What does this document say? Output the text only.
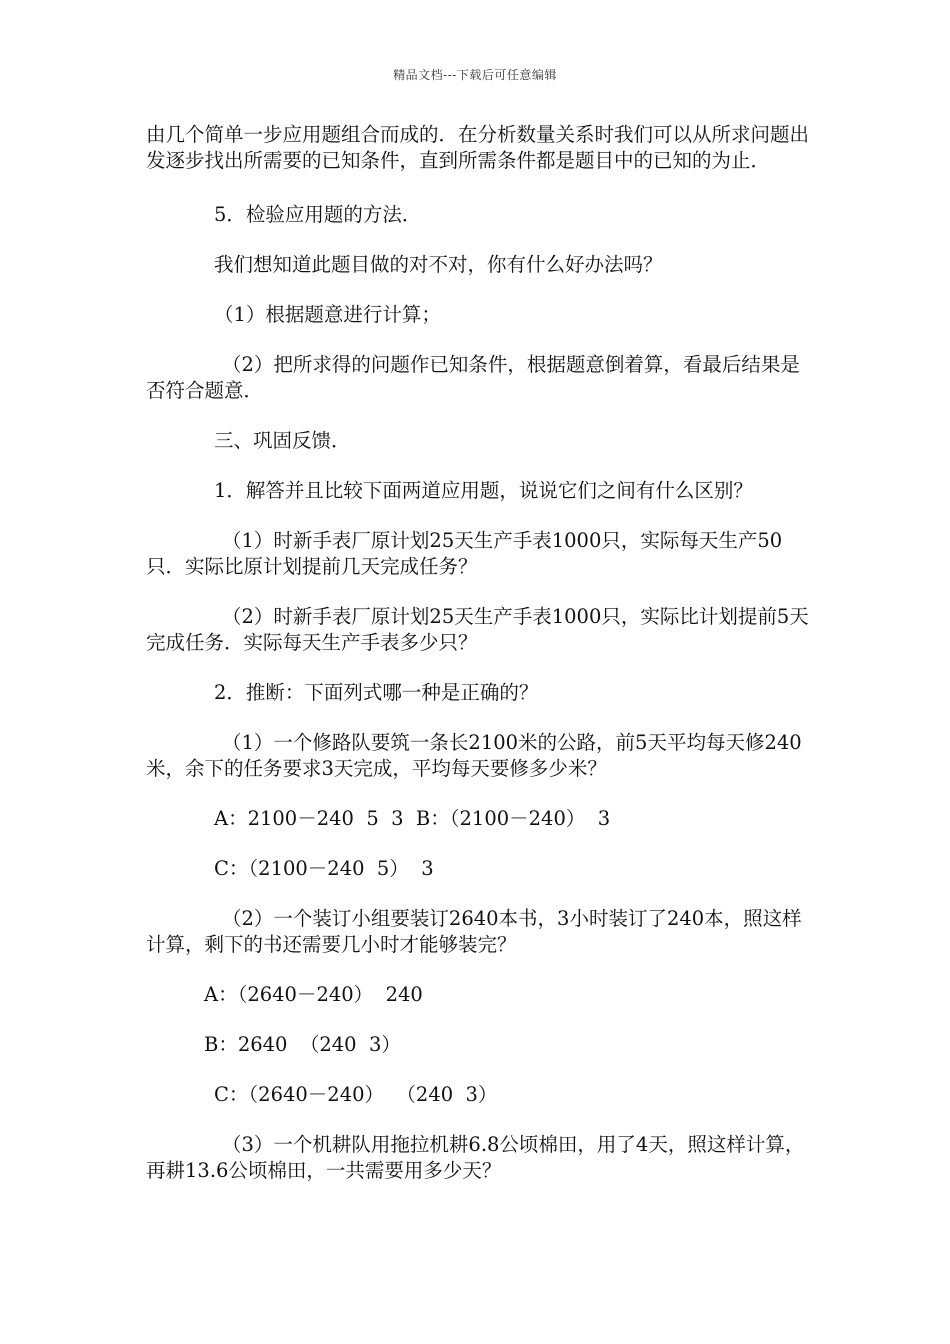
精品文档---下载后可任意编辑

由几个简单一步应用题组合而成的．在分析数量关系时我们可以从所求问题出发逐步找出所需要的已知条件，直到所需条件都是题目中的已知的为止．

5．检验应用题的方法．

我们想知道此题目做的对不对，你有什么好办法吗？

（1）根据题意进行计算；

（2）把所求得的问题作已知条件，根据题意倒着算，看最后结果是否符合题意．

三、巩固反馈．

1．解答并且比较下面两道应用题，说说它们之间有什么区别？

（1）时新手表厂原计划25天生产手表1000只，实际每天生产50只．实际比原计划提前几天完成任务？

（2）时新手表厂原计划25天生产手表1000只，实际比计划提前5天完成任务．实际每天生产手表多少只？

2．推断：下面列式哪一种是正确的？

（1）一个修路队要筑一条长2100米的公路，前5天平均每天修240米，余下的任务要求3天完成，平均每天要修多少米？

A：2100－240  5  3  B：（2100－240）  3

C：（2100－240  5）  3

（2）一个装订小组要装订2640本书，3小时装订了240本，照这样计算，剩下的书还需要几小时才能够装完？

A：（2640－240）  240

B：2640  （240  3）

C：（2640－240）  （240  3）

（3）一个机耕队用拖拉机耕6.8公顷棉田，用了4天，照这样计算，再耕13.6公顷棉田，一共需要用多少天？
